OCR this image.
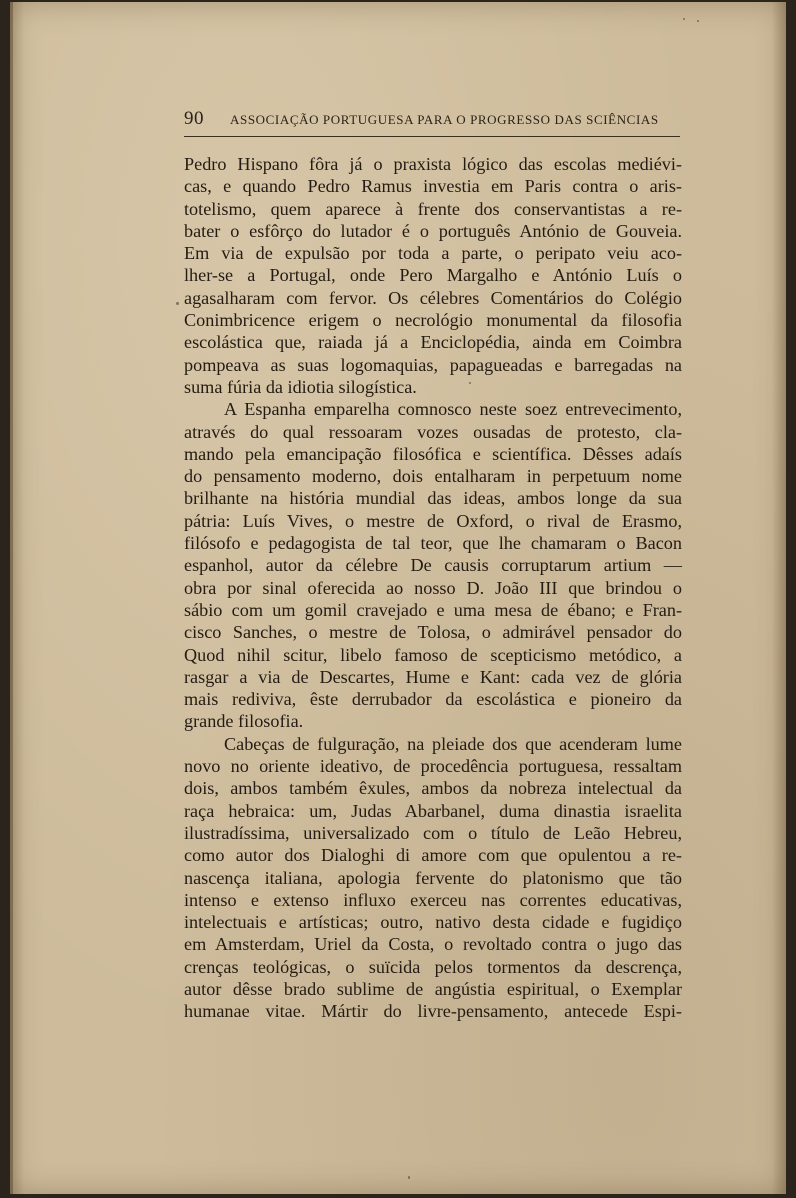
90 ASSOCIAÇÃO PORTUGUESA PARA O PROGRESSO DAS SCIÊNCIAS
Pedro Hispano fôra já o praxista lógico das escolas mediévi-
cas, e quando Pedro Ramus investia em Paris contra o aris-
totelismo, quem aparece à frente dos conservantistas a re-
bater o esfôrço do lutador é o português António de Gouveia.
Em via de expulsão por toda a parte, o peripato veiu aco-
lher-se a Portugal, onde Pero Margalho e António Luís o
agasalharam com fervor. Os célebres Comentários do Colégio
Conimbricence erigem o necrológio monumental da filosofia
escolástica que, raiada já a Enciclopédia, ainda em Coimbra
pompeava as suas logomaquias, papagueadas e barregadas na
suma fúria da idiotia silogística.
A Espanha emparelha comnosco neste soez entrevecimento,
através do qual ressoaram vozes ousadas de protesto, cla-
mando pela emancipação filosófica e scientífica. Dêsses adaís
do pensamento moderno, dois entalharam in perpetuum nome
brilhante na história mundial das ideas, ambos longe da sua
pátria: Luís Vives, o mestre de Oxford, o rival de Erasmo,
filósofo e pedagogista de tal teor, que lhe chamaram o Bacon
espanhol, autor da célebre De causis corruptarum artium —
obra por sinal oferecida ao nosso D. João III que brindou o
sábio com um gomil cravejado e uma mesa de ébano; e Fran-
cisco Sanches, o mestre de Tolosa, o admirável pensador do
Quod nihil scitur, libelo famoso de scepticismo metódico, a
rasgar a via de Descartes, Hume e Kant: cada vez de glória
mais rediviva, êste derrubador da escolástica e pioneiro da
grande filosofia.
Cabeças de fulguração, na pleiade dos que acenderam lume
novo no oriente ideativo, de procedência portuguesa, ressaltam
dois, ambos também êxules, ambos da nobreza intelectual da
raça hebraica: um, Judas Abarbanel, duma dinastia israelita
ilustradíssima, universalizado com o título de Leão Hebreu,
como autor dos Dialoghi di amore com que opulentou a re-
nascença italiana, apologia fervente do platonismo que tão
intenso e extenso influxo exerceu nas correntes educativas,
intelectuais e artísticas; outro, nativo desta cidade e fugidiço
em Amsterdam, Uriel da Costa, o revoltado contra o jugo das
crenças teológicas, o suïcida pelos tormentos da descrença,
autor dêsse brado sublime de angústia espiritual, o Exemplar
humanae vitae. Mártir do livre-pensamento, antecede Espi-
